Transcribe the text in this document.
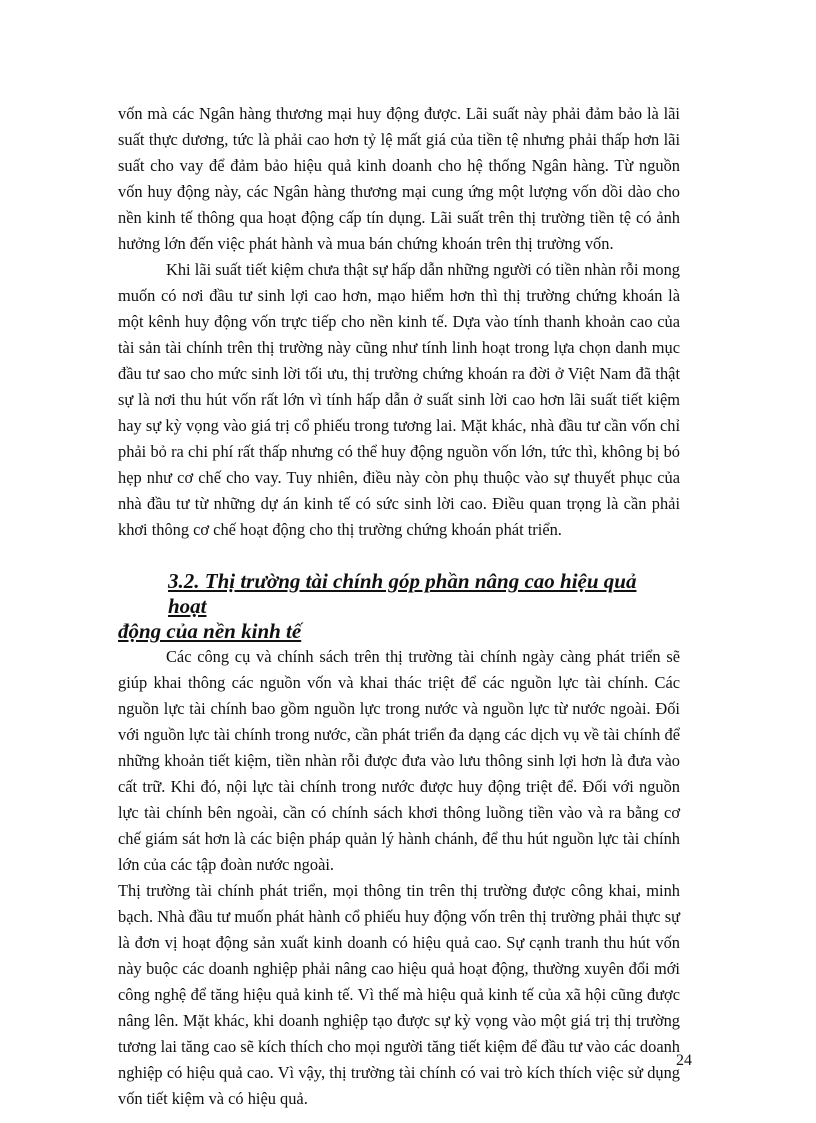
vốn mà các Ngân hàng thương mại huy động được. Lãi suất này phải đảm bảo là lãi suất thực dương, tức là phải cao hơn tỷ lệ mất giá của tiền tệ nhưng phải thấp hơn lãi suất cho vay để đảm bảo hiệu quả kinh doanh cho hệ thống Ngân hàng. Từ nguồn vốn huy động này, các Ngân hàng thương mại cung ứng một lượng vốn dồi dào cho nền kinh tế thông qua hoạt động cấp tín dụng. Lãi suất trên thị trường tiền tệ có ảnh hưởng lớn đến việc phát hành và mua bán chứng khoán trên thị trường vốn.

Khi lãi suất tiết kiệm chưa thật sự hấp dẫn những người có tiền nhàn rỗi mong muốn có nơi đầu tư sinh lợi cao hơn, mạo hiểm hơn thì thị trường chứng khoán là một kênh huy động vốn trực tiếp cho nền kinh tế. Dựa vào tính thanh khoản cao của tài sản tài chính trên thị trường này cũng như tính linh hoạt trong lựa chọn danh mục đầu tư sao cho mức sinh lời tối ưu, thị trường chứng khoán ra đời ở Việt Nam đã thật sự là nơi thu hút vốn rất lớn vì tính hấp dẫn ở suất sinh lời cao hơn lãi suất tiết kiệm hay sự kỳ vọng vào giá trị cổ phiếu trong tương lai. Mặt khác, nhà đầu tư cần vốn chỉ phải bỏ ra chi phí rất thấp nhưng có thể huy động nguồn vốn lớn, tức thì, không bị bó hẹp như cơ chế cho vay. Tuy nhiên, điều này còn phụ thuộc vào sự thuyết phục của nhà đầu tư từ những dự án kinh tế có sức sinh lời cao. Điều quan trọng là cần phải khơi thông cơ chế hoạt động cho thị trường chứng khoán phát triển.

3.2. Thị trường tài chính góp phần nâng cao hiệu quả hoạt
động của nền kinh tế

Các công cụ và chính sách trên thị trường tài chính ngày càng phát triển sẽ giúp khai thông các nguồn vốn và khai thác triệt để các nguồn lực tài chính. Các nguồn lực tài chính bao gồm nguồn lực trong nước và nguồn lực từ nước ngoài. Đối với nguồn lực tài chính trong nước, cần phát triển đa dạng các dịch vụ về tài chính để những khoản tiết kiệm, tiền nhàn rỗi được đưa vào lưu thông sinh lợi hơn là đưa vào cất trữ. Khi đó, nội lực tài chính trong nước được huy động triệt để. Đối với nguồn lực tài chính bên ngoài, cần có chính sách khơi thông luồng tiền vào và ra bằng cơ chế giám sát hơn là các biện pháp quản lý hành chánh, để thu hút nguồn lực tài chính lớn của các tập đoàn nước ngoài.

Thị trường tài chính phát triển, mọi thông tin trên thị trường được công khai, minh bạch. Nhà đầu tư muốn phát hành cổ phiếu huy động vốn trên thị trường phải thực sự là đơn vị hoạt động sản xuất kinh doanh có hiệu quả cao. Sự cạnh tranh thu hút vốn này buộc các doanh nghiệp phải nâng cao hiệu quả hoạt động, thường xuyên đổi mới công nghệ để tăng hiệu quả kinh tế. Vì thế mà hiệu quả kinh tế của xã hội cũng được nâng lên. Mặt khác, khi doanh nghiệp tạo được sự kỳ vọng vào một giá trị thị trường tương lai tăng cao sẽ kích thích cho mọi người tăng tiết kiệm để đầu tư vào các doanh nghiệp có hiệu quả cao. Vì vậy, thị trường tài chính có vai trò kích thích việc sử dụng vốn tiết kiệm và có hiệu quả.

24
